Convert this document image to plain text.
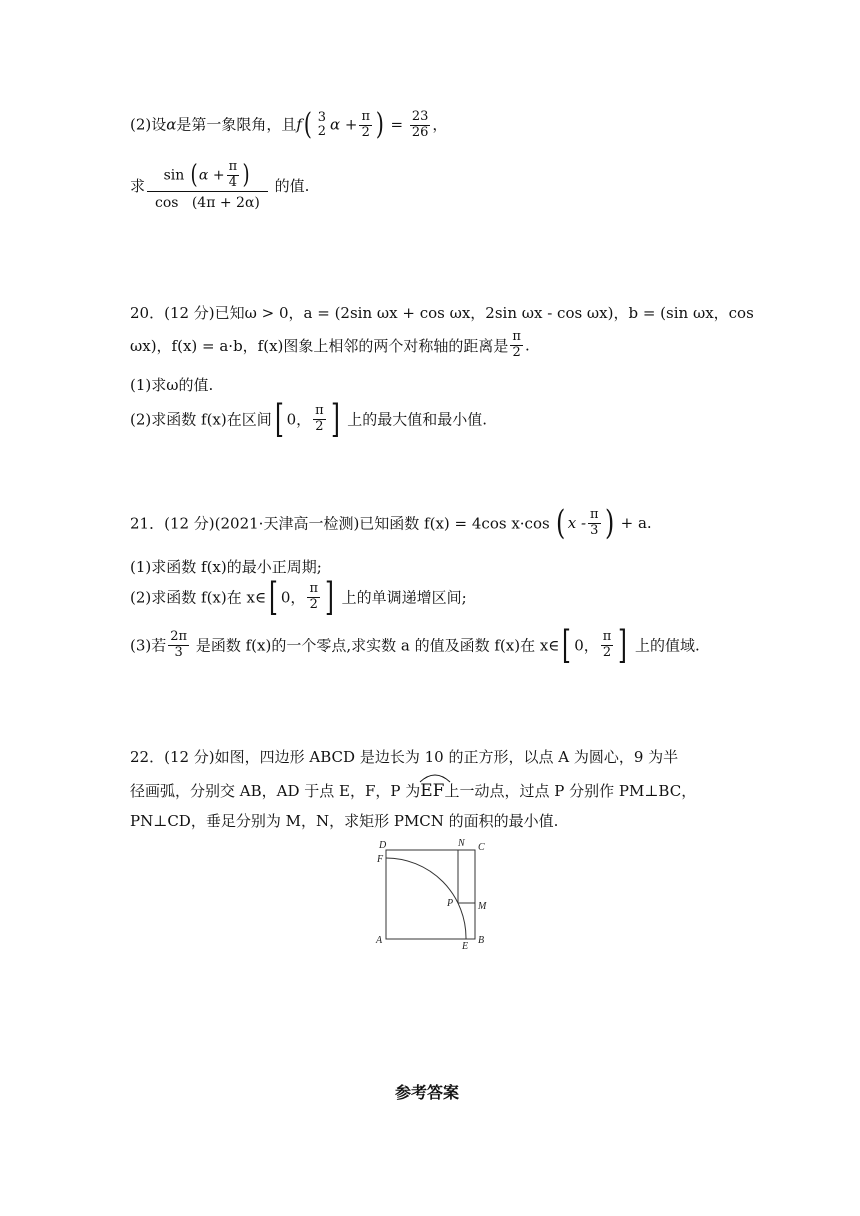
(2)设α是第一象限角，且f( 3
2 $\alpha + \frac{\pi}{2}$ ) = $\frac{23}{26}$ ，
求 $\frac{\sin ( \alpha + \frac{\pi}{4} )}{\cos (4\pi + 2\alpha)}$ 的值.
20．(12 分)已知ω > 0，a = (2sin ωx + cos ωx，2sin ωx - cos ωx)，b = (sin ωx，cos
ωx)，f(x) = a·b，f(x)图象上相邻的两个对称轴的距离是 $\frac{\pi}{2}$ .
(1)求ω的值.
(2)求函数 f(x)在区间[ 0， $\frac{\pi}{2}$ ] 上的最大值和最小值.
21．(12 分)(2021·天津高一检测)已知函数 f(x) = 4cos x·cos ( x - $\frac{\pi}{3}$ ) + a.
(1)求函数 f(x)的最小正周期;
(2)求函数 f(x)在 x∈[ 0， $\frac{\pi}{2}$ ] 上的单调递增区间;
(3)若 $\frac{2\pi}{3}$ 是函数 f(x)的一个零点,求实数 a 的值及函数 f(x)在 x∈[ 0， $\frac{\pi}{2}$ ] 上的值域.
22．(12 分)如图，四边形 ABCD 是边长为 10 的正方形，以点 A 为圆心，9 为半
径画弧，分别交 AB，AD 于点 E，F，P 为
EF上一动点，过点 P 分别作 PM⊥BC，
PN⊥CD，垂足分别为 M，N，求矩形 PMCN 的面积的最小值.
D	N C
F
P M
A
E
B
参考答案
